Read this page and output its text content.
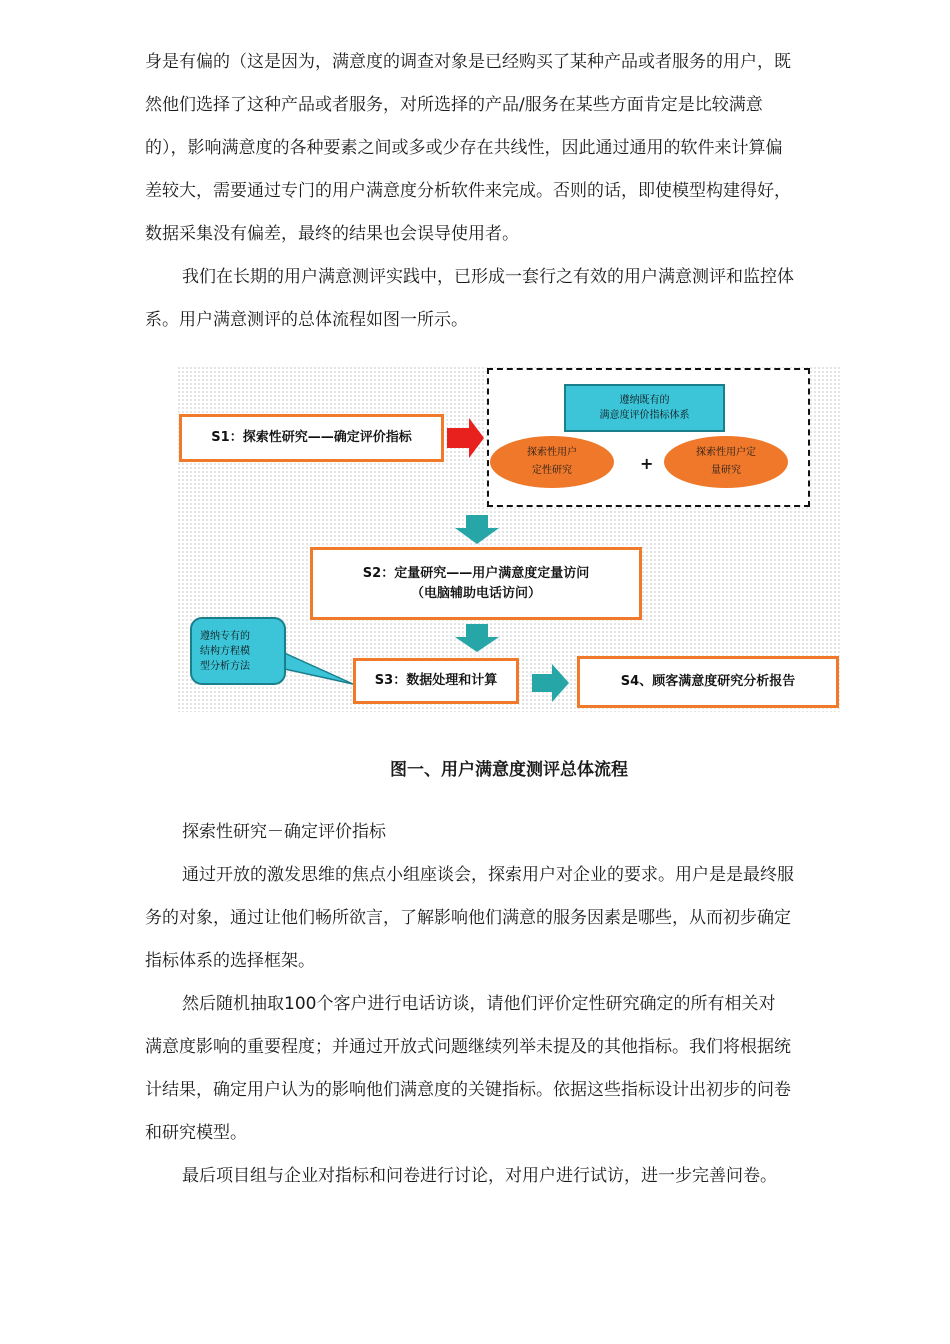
身是有偏的（这是因为，满意度的调查对象是已经购买了某种产品或者服务的用户，既
然他们选择了这种产品或者服务，对所选择的产品/服务在某些方面肯定是比较满意
的），影响满意度的各种要素之间或多或少存在共线性，因此通过通用的软件来计算偏
差较大，需要通过专门的用户满意度分析软件来完成。否则的话，即使模型构建得好，
数据采集没有偏差，最终的结果也会误导使用者。

我们在长期的用户满意测评实践中，已形成一套行之有效的用户满意测评和监控体
系。用户满意测评的总体流程如图一所示。

S1：探索性研究——确定评价指标
遵纳既有的
满意度评价指标体系
探索性用户
定性研究	+
探索性用户定
量研究
S2：定量研究——用户满意度定量访问
（电脑辅助电话访问）
遵纳专有的
结构方程模
型分析方法
S3：数据处理和计算	S4、顾客满意度研究分析报告
图一、用户满意度测评总体流程

探索性研究－确定评价指标

通过开放的激发思维的焦点小组座谈会，探索用户对企业的要求。用户是是最终服
务的对象，通过让他们畅所欲言，了解影响他们满意的服务因素是哪些，从而初步确定
指标体系的选择框架。

然后随机抽取100个客户进行电话访谈，请他们评价定性研究确定的所有相关对
满意度影响的重要程度；并通过开放式问题继续列举未提及的其他指标。我们将根据统
计结果，确定用户认为的影响他们满意度的关键指标。依据这些指标设计出初步的问卷
和研究模型。

最后项目组与企业对指标和问卷进行讨论，对用户进行试访，进一步完善问卷。
